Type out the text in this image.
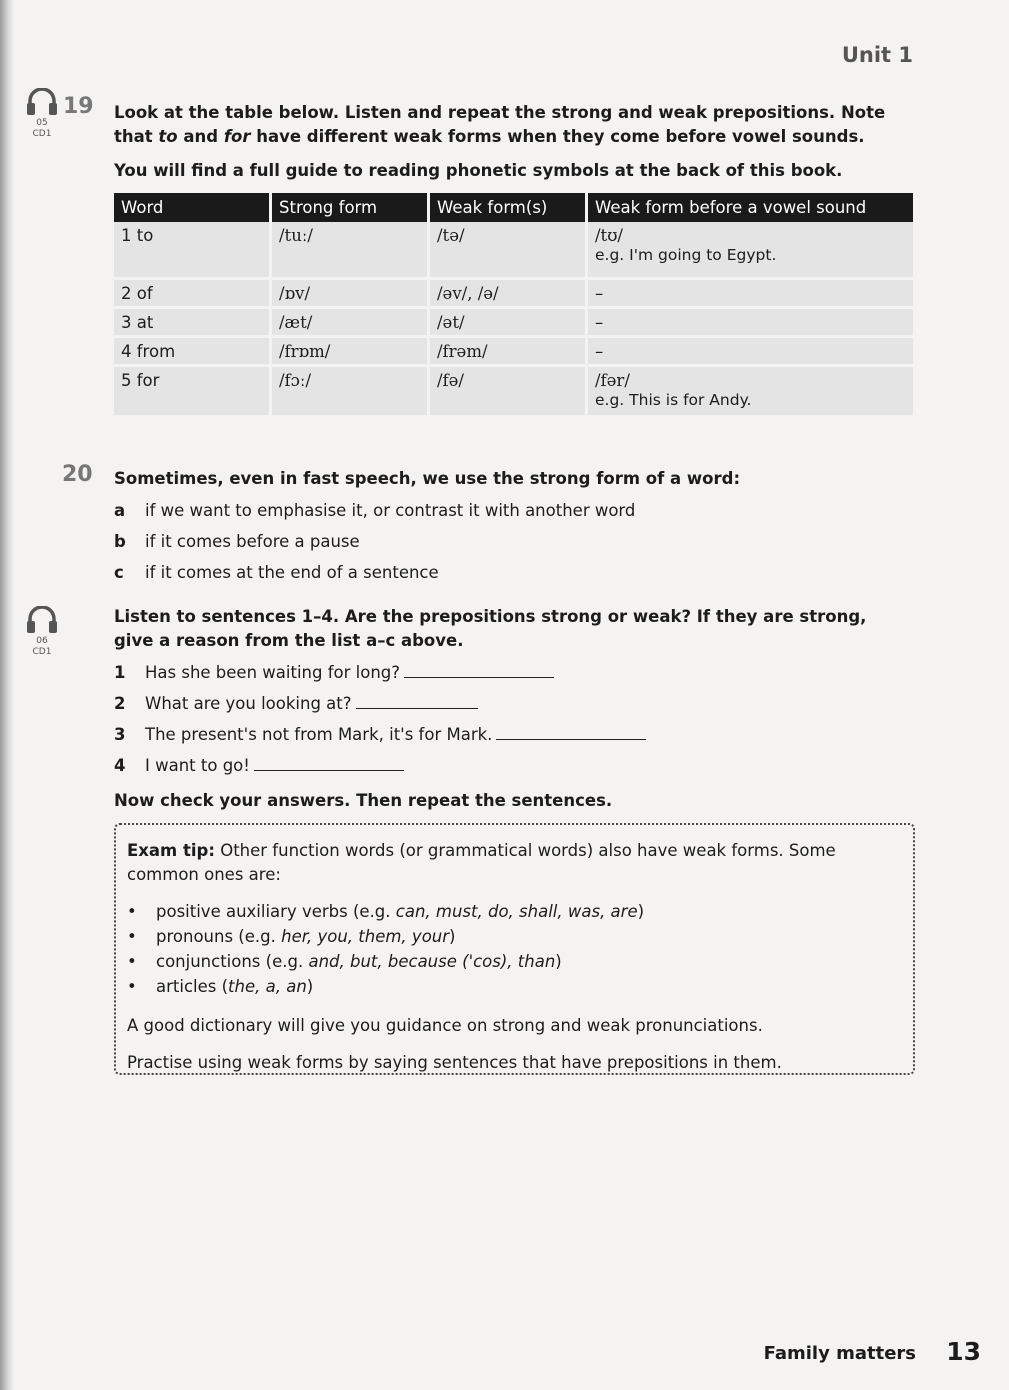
Unit 1
19
05
CD1
Look at the table below. Listen and repeat the strong and weak prepositions. Note that to and for have different weak forms when they come before vowel sounds.
You will find a full guide to reading phonetic symbols at the back of this book.
Word	Strong form	Weak form(s)	Weak form before a vowel sound
1 to	/tuː/	/tə/	/tʊ/
e.g. I'm going to Egypt.

2 of	/ɒv/	/əv/, /ə/	–
3 at	/æt/	/ət/	–
4 from	/frɒm/	/frəm/	–
5 for	/fɔː/	/fə/	/fər/
e.g. This is for Andy.
20 Sometimes, even in fast speech, we use the strong form of a word:
a if we want to emphasise it, or contrast it with another word
b if it comes before a pause
c if it comes at the end of a sentence
06
CD1
Listen to sentences 1–4. Are the prepositions strong or weak? If they are strong, give a reason from the list a–c above.
1 Has she been waiting for long?
2 What are you looking at?
3 The present's not from Mark, it's for Mark.
4 I want to go!
Now check your answers. Then repeat the sentences.
Exam tip: Other function words (or grammatical words) also have weak forms. Some common ones are:
• positive auxiliary verbs (e.g. can, must, do, shall, was, are)
• pronouns (e.g. her, you, them, your)
• conjunctions (e.g. and, but, because ('cos), than)
• articles (the, a, an)
A good dictionary will give you guidance on strong and weak pronunciations.
Practise using weak forms by saying sentences that have prepositions in them.
Family matters 13
